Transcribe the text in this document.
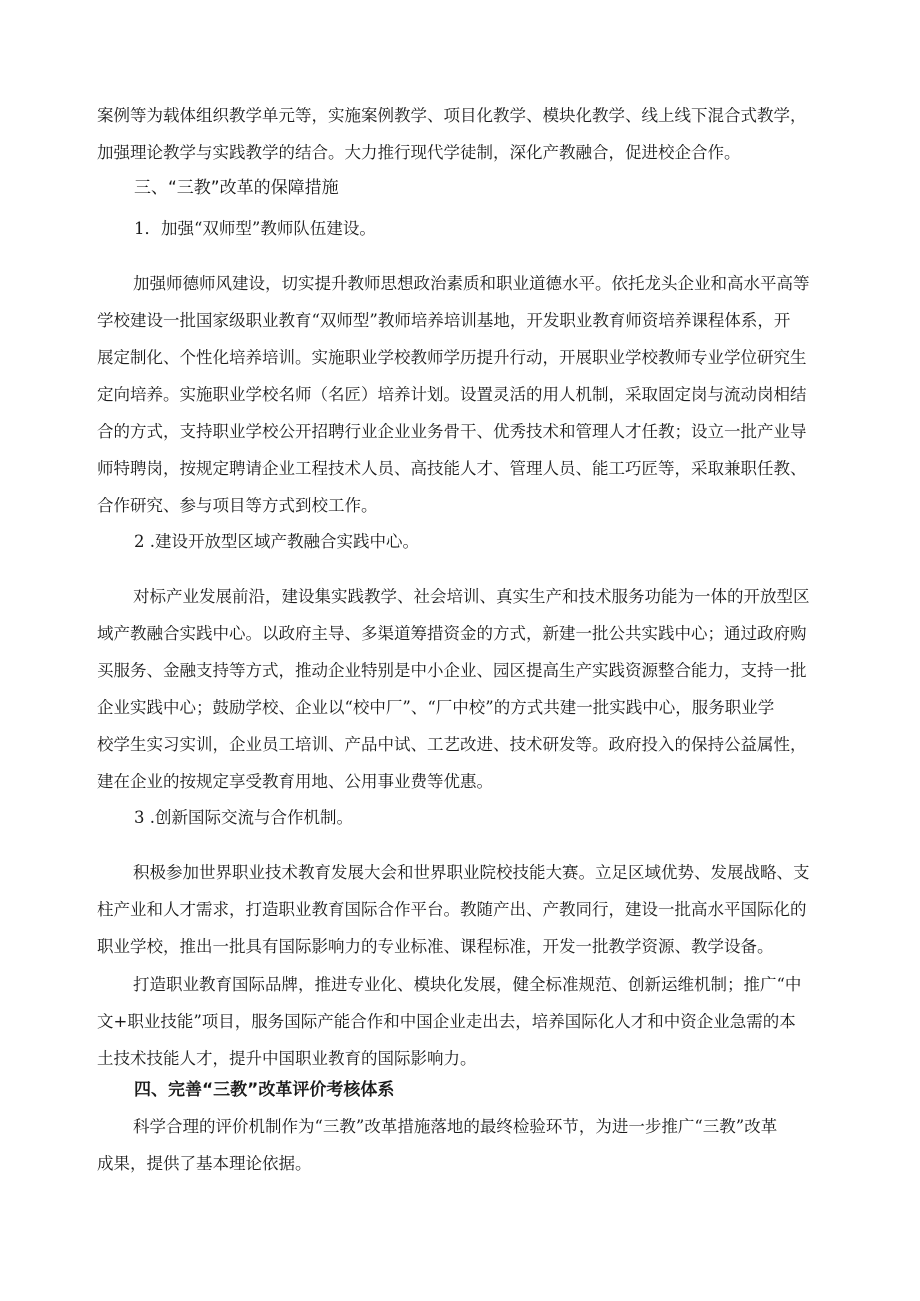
案例等为载体组织教学单元等，实施案例教学、项目化教学、模块化教学、线上线下混合式教学，
加强理论教学与实践教学的结合。大力推行现代学徒制，深化产教融合，促进校企合作。
三、“三教”改革的保障措施
1．加强“双师型”教师队伍建设。
加强师德师风建设，切实提升教师思想政治素质和职业道德水平。依托龙头企业和高水平高等
学校建设一批国家级职业教育“双师型”教师培养培训基地，开发职业教育师资培养课程体系，开
展定制化、个性化培养培训。实施职业学校教师学历提升行动，开展职业学校教师专业学位研究生
定向培养。实施职业学校名师（名匠）培养计划。设置灵活的用人机制，采取固定岗与流动岗相结
合的方式，支持职业学校公开招聘行业企业业务骨干、优秀技术和管理人才任教；设立一批产业导
师特聘岗，按规定聘请企业工程技术人员、高技能人才、管理人员、能工巧匠等，采取兼职任教、
合作研究、参与项目等方式到校工作。
2 .建设开放型区域产教融合实践中心。
对标产业发展前沿，建设集实践教学、社会培训、真实生产和技术服务功能为一体的开放型区
域产教融合实践中心。以政府主导、多渠道筹措资金的方式，新建一批公共实践中心；通过政府购
买服务、金融支持等方式，推动企业特别是中小企业、园区提高生产实践资源整合能力，支持一批
企业实践中心；鼓励学校、企业以“校中厂”、“厂中校”的方式共建一批实践中心，服务职业学
校学生实习实训，企业员工培训、产品中试、工艺改进、技术研发等。政府投入的保持公益属性，
建在企业的按规定享受教育用地、公用事业费等优惠。
3 .创新国际交流与合作机制。
积极参加世界职业技术教育发展大会和世界职业院校技能大赛。立足区域优势、发展战略、支
柱产业和人才需求，打造职业教育国际合作平台。教随产出、产教同行，建设一批高水平国际化的
职业学校，推出一批具有国际影响力的专业标准、课程标准，开发一批教学资源、教学设备。
打造职业教育国际品牌，推进专业化、模块化发展，健全标准规范、创新运维机制；推广“中
文+职业技能”项目，服务国际产能合作和中国企业走出去，培养国际化人才和中资企业急需的本
土技术技能人才，提升中国职业教育的国际影响力。
四、完善“三教”改革评价考核体系
科学合理的评价机制作为“三教”改革措施落地的最终检验环节，为进一步推广“三教”改革
成果，提供了基本理论依据。
